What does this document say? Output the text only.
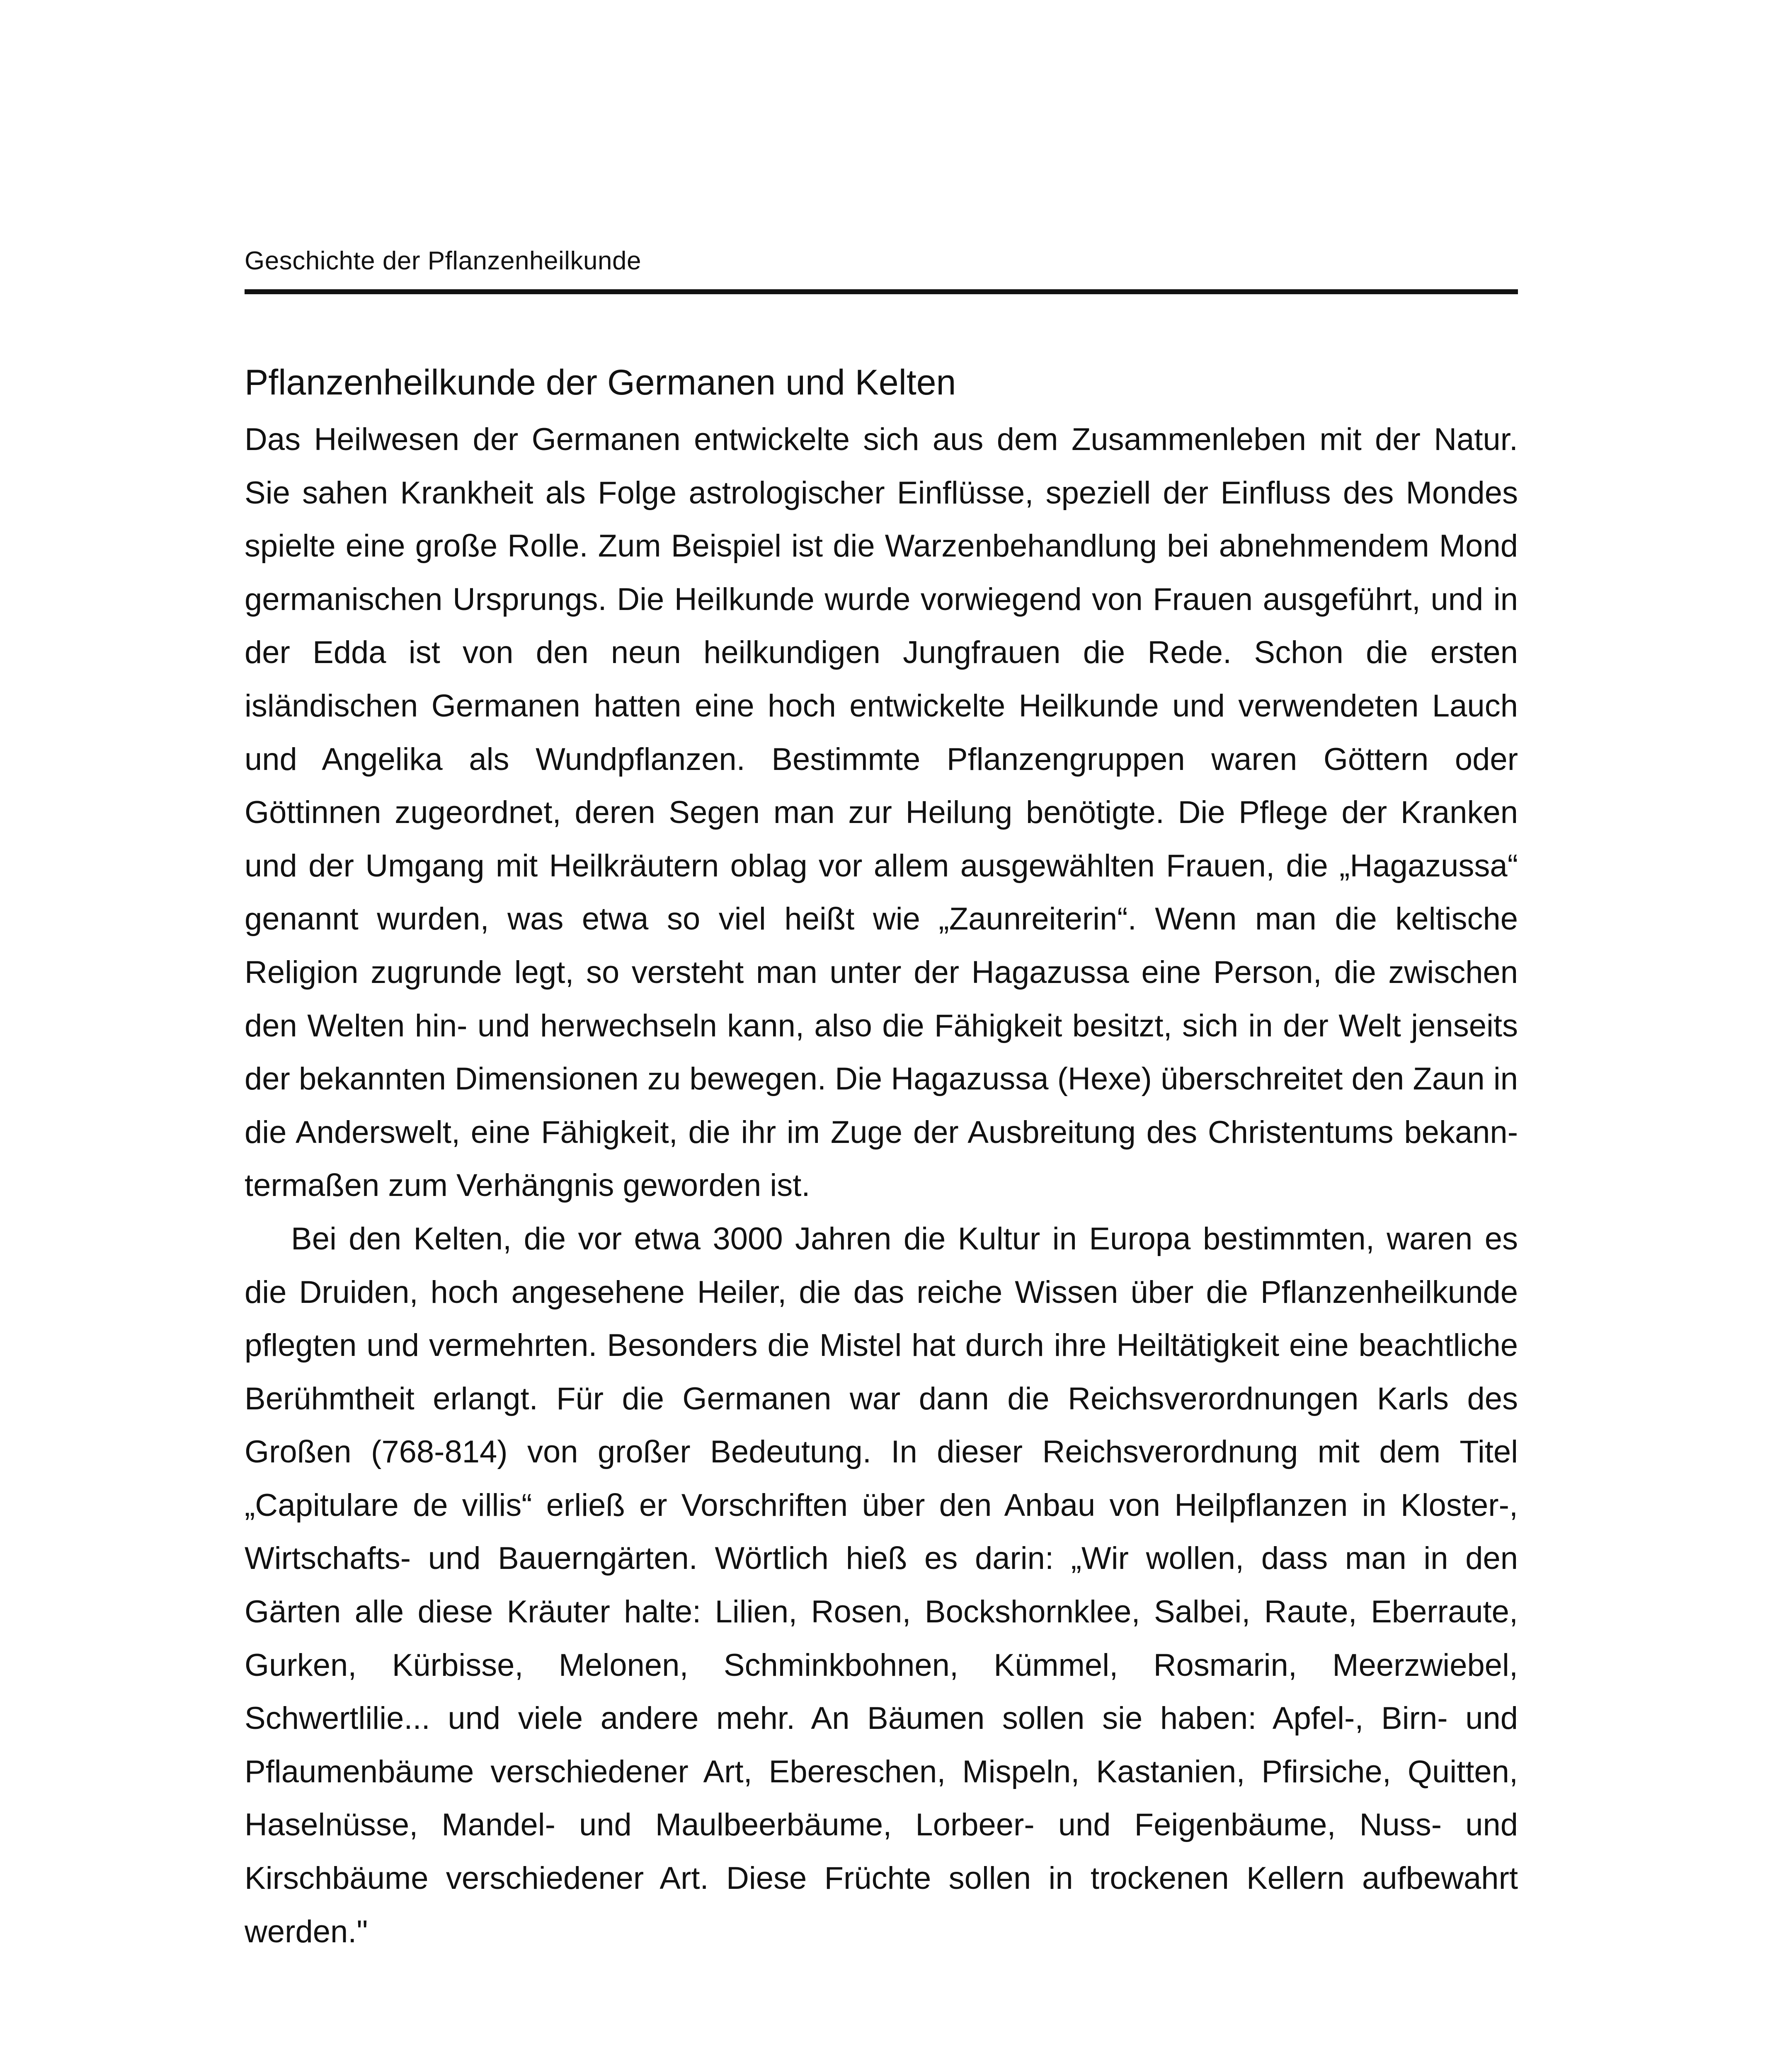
Geschichte der Pflanzenheilkunde
Pflanzenheilkunde der Germanen und Kelten

Das Heilwesen der Germanen entwickelte sich aus dem Zusammenleben mit der Natur. Sie sahen Krankheit als Folge astrologischer Einflüsse, speziell der Einfluss des Mondes spielte eine große Rolle. Zum Beispiel ist die Warzenbehandlung bei abnehmendem Mond germanischen Ursprungs. Die Heilkunde wurde vorwiegend von Frauen ausgeführt, und in der Edda ist von den neun heilkundigen Jungfrauen die Rede. Schon die ersten isländischen Germanen hatten eine hoch entwickelte Heilkunde und verwendeten Lauch und Angelika als Wundpflanzen. Bestimmte Pflanzengruppen waren Göttern oder Göttinnen zugeordnet, deren Segen man zur Heilung benötigte. Die Pflege der Kranken und der Umgang mit Heilkräutern oblag vor allem ausgewählten Frauen, die „Hagazussa“ genannt wurden, was etwa so viel heißt wie „Zaunreiterin“. Wenn man die keltische Religion zugrunde legt, so versteht man unter der Hagazussa eine Person, die zwischen den Welten hin- und herwechseln kann, also die Fähigkeit besitzt, sich in der Welt jenseits der bekannten Dimensionen zu bewegen. Die Hagazussa (Hexe) überschreitet den Zaun in die Anderswelt, eine Fähigkeit, die ihr im Zuge der Ausbreitung des Christentums bekanntermaßen zum Verhängnis geworden ist.

Bei den Kelten, die vor etwa 3000 Jahren die Kultur in Europa bestimmten, waren es die Druiden, hoch angesehene Heiler, die das reiche Wissen über die Pflanzenheilkunde pflegten und vermehrten. Besonders die Mistel hat durch ihre Heiltätigkeit eine beachtliche Berühmtheit erlangt. Für die Germanen war dann die Reichsverordnungen Karls des Großen (768-814) von großer Bedeutung. In dieser Reichsverordnung mit dem Titel „Capitulare de villis“ erließ er Vorschriften über den Anbau von Heilpflanzen in Kloster-, Wirtschafts- und Bauerngärten. Wörtlich hieß es darin: „Wir wollen, dass man in den Gärten alle diese Kräuter halte: Lilien, Rosen, Bockshornklee, Salbei, Raute, Eberraute, Gurken, Kürbisse, Melonen, Schminkbohnen, Kümmel, Rosmarin, Meerzwiebel, Schwertlilie... und viele andere mehr. An Bäumen sollen sie haben: Apfel-, Birn- und Pflaumenbäume verschiedener Art, Ebereschen, Mispeln, Kastanien, Pfirsiche, Quitten, Haselnüsse, Mandel- und Maulbeerbäume, Lorbeer- und Feigenbäume, Nuss- und Kirschbäume verschiedener Art. Diese Früchte sollen in trockenen Kellern aufbewahrt werden."
